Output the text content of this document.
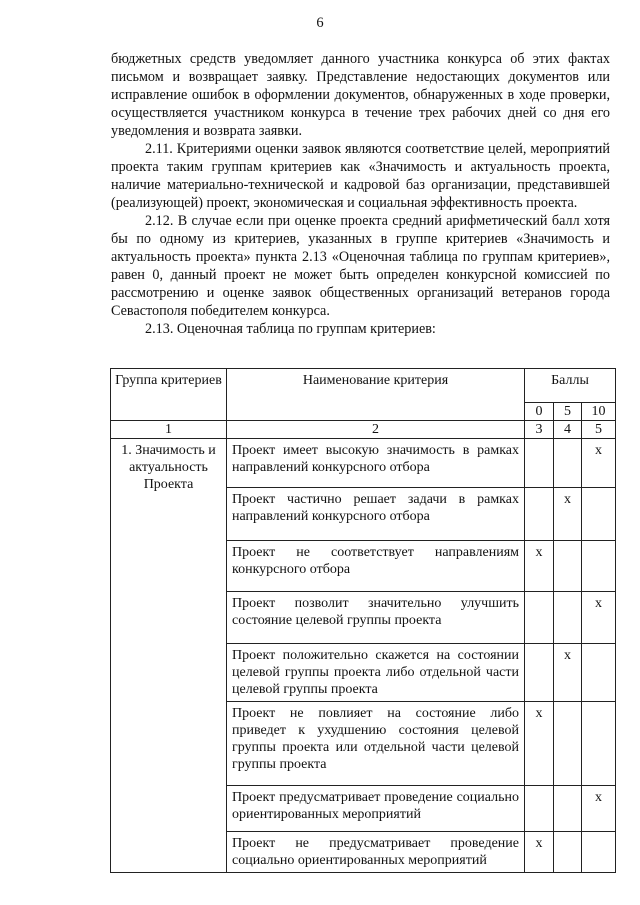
6

бюджетных средств уведомляет данного участника конкурса об этих фактах письмом и возвращает заявку. Представление недостающих документов или исправление ошибок в оформлении документов, обнаруженных в ходе проверки, осуществляется участником конкурса в течение трех рабочих дней со дня его уведомления и возврата заявки.

2.11. Критериями оценки заявок являются соответствие целей, мероприятий проекта таким группам критериев как «Значимость и актуальность проекта, наличие материально-технической и кадровой баз организации, представившей (реализующей) проект, экономическая и социальная эффективность проекта.

2.12. В случае если при оценке проекта средний арифметический балл хотя бы по одному из критериев, указанных в группе критериев «Значимость и актуальность проекта» пункта 2.13 «Оценочная таблица по группам критериев», равен 0, данный проект не может быть определен конкурсной комиссией по рассмотрению и оценке заявок общественных организаций ветеранов города Севастополя победителем конкурса.

2.13. Оценочная таблица по группам критериев:

Группа критериев	Наименование критерия	Баллы		
		0	5	10
1	2	3	4	5
1. Значимость и актуальность Проекта	Проект имеет высокую значимость в рамках направлений конкурсного отбора			x
	Проект частично решает задачи в рамках направлений конкурсного отбора		x	
	Проект не соответствует направлениям конкурсного отбора	x		
	Проект позволит значительно улучшить состояние целевой группы проекта			x
	Проект положительно скажется на состоянии целевой группы проекта либо отдельной части целевой группы проекта		x	
	Проект не повлияет на состояние либо приведет к ухудшению состояния целевой группы проекта или отдельной части целевой группы проекта	x		
	Проект предусматривает проведение социально ориентированных мероприятий			x
	Проект не предусматривает проведение социально ориентированных мероприятий	x		
